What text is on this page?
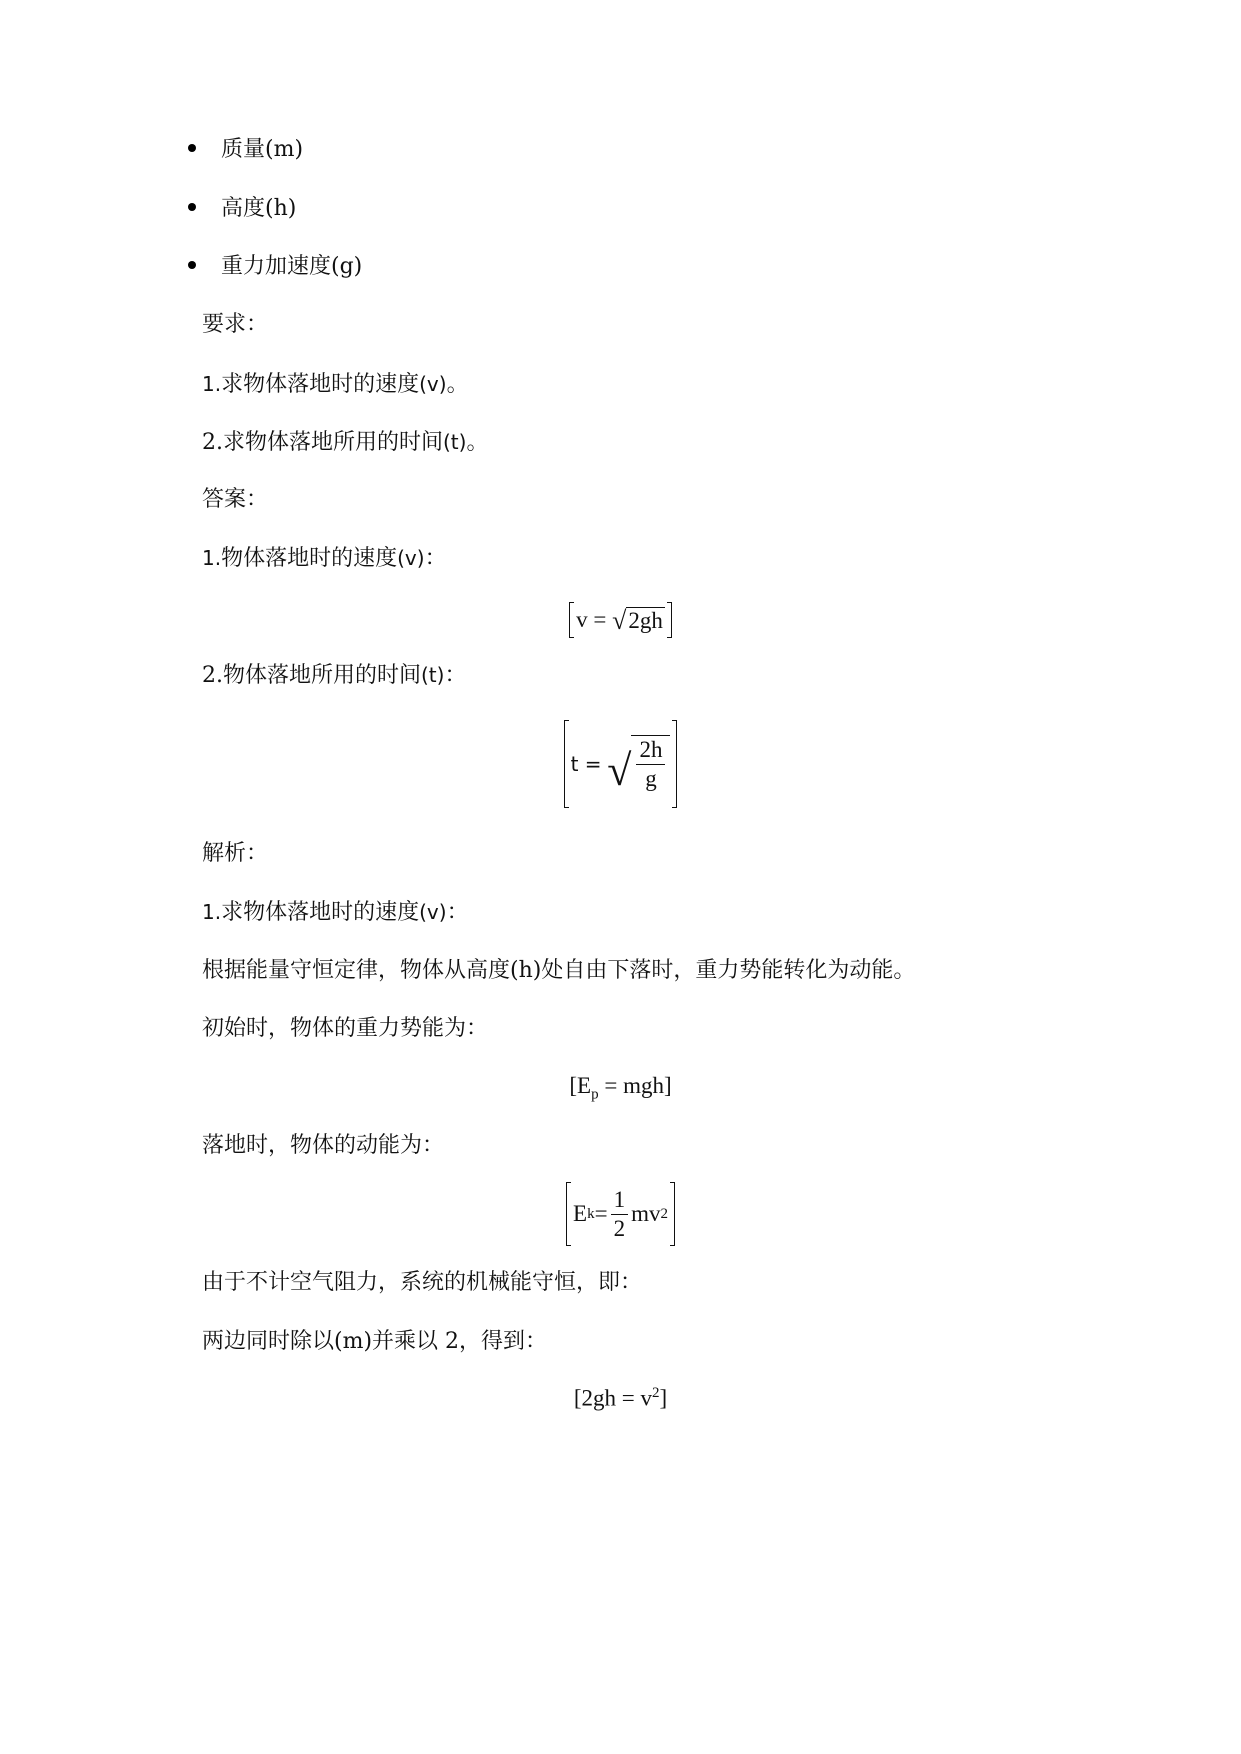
质量(m)
高度(h)
重力加速度(g)
要求：
1.求物体落地时的速度(v)。
2.求物体落地所用的时间(t)。
答案：
1.物体落地时的速度(v)：
v =
√ 2gh
2.物体落地所用的时间(t)：
t =
√ $\frac{2h}{g}$
解析：
1.求物体落地时的速度(v)：
根据能量守恒定律，物体从高度(h)处自由下落时，重力势能转化为动能。
初始时，物体的重力势能为：
$[E_p = mgh]$
落地时，物体的动能为：
E $k = \frac{1}{2}$ mv 2
由于不计空气阻力，系统的机械能守恒，即：
两边同时除以(m)并乘以 2，得到：
$[2gh = v^2]$
